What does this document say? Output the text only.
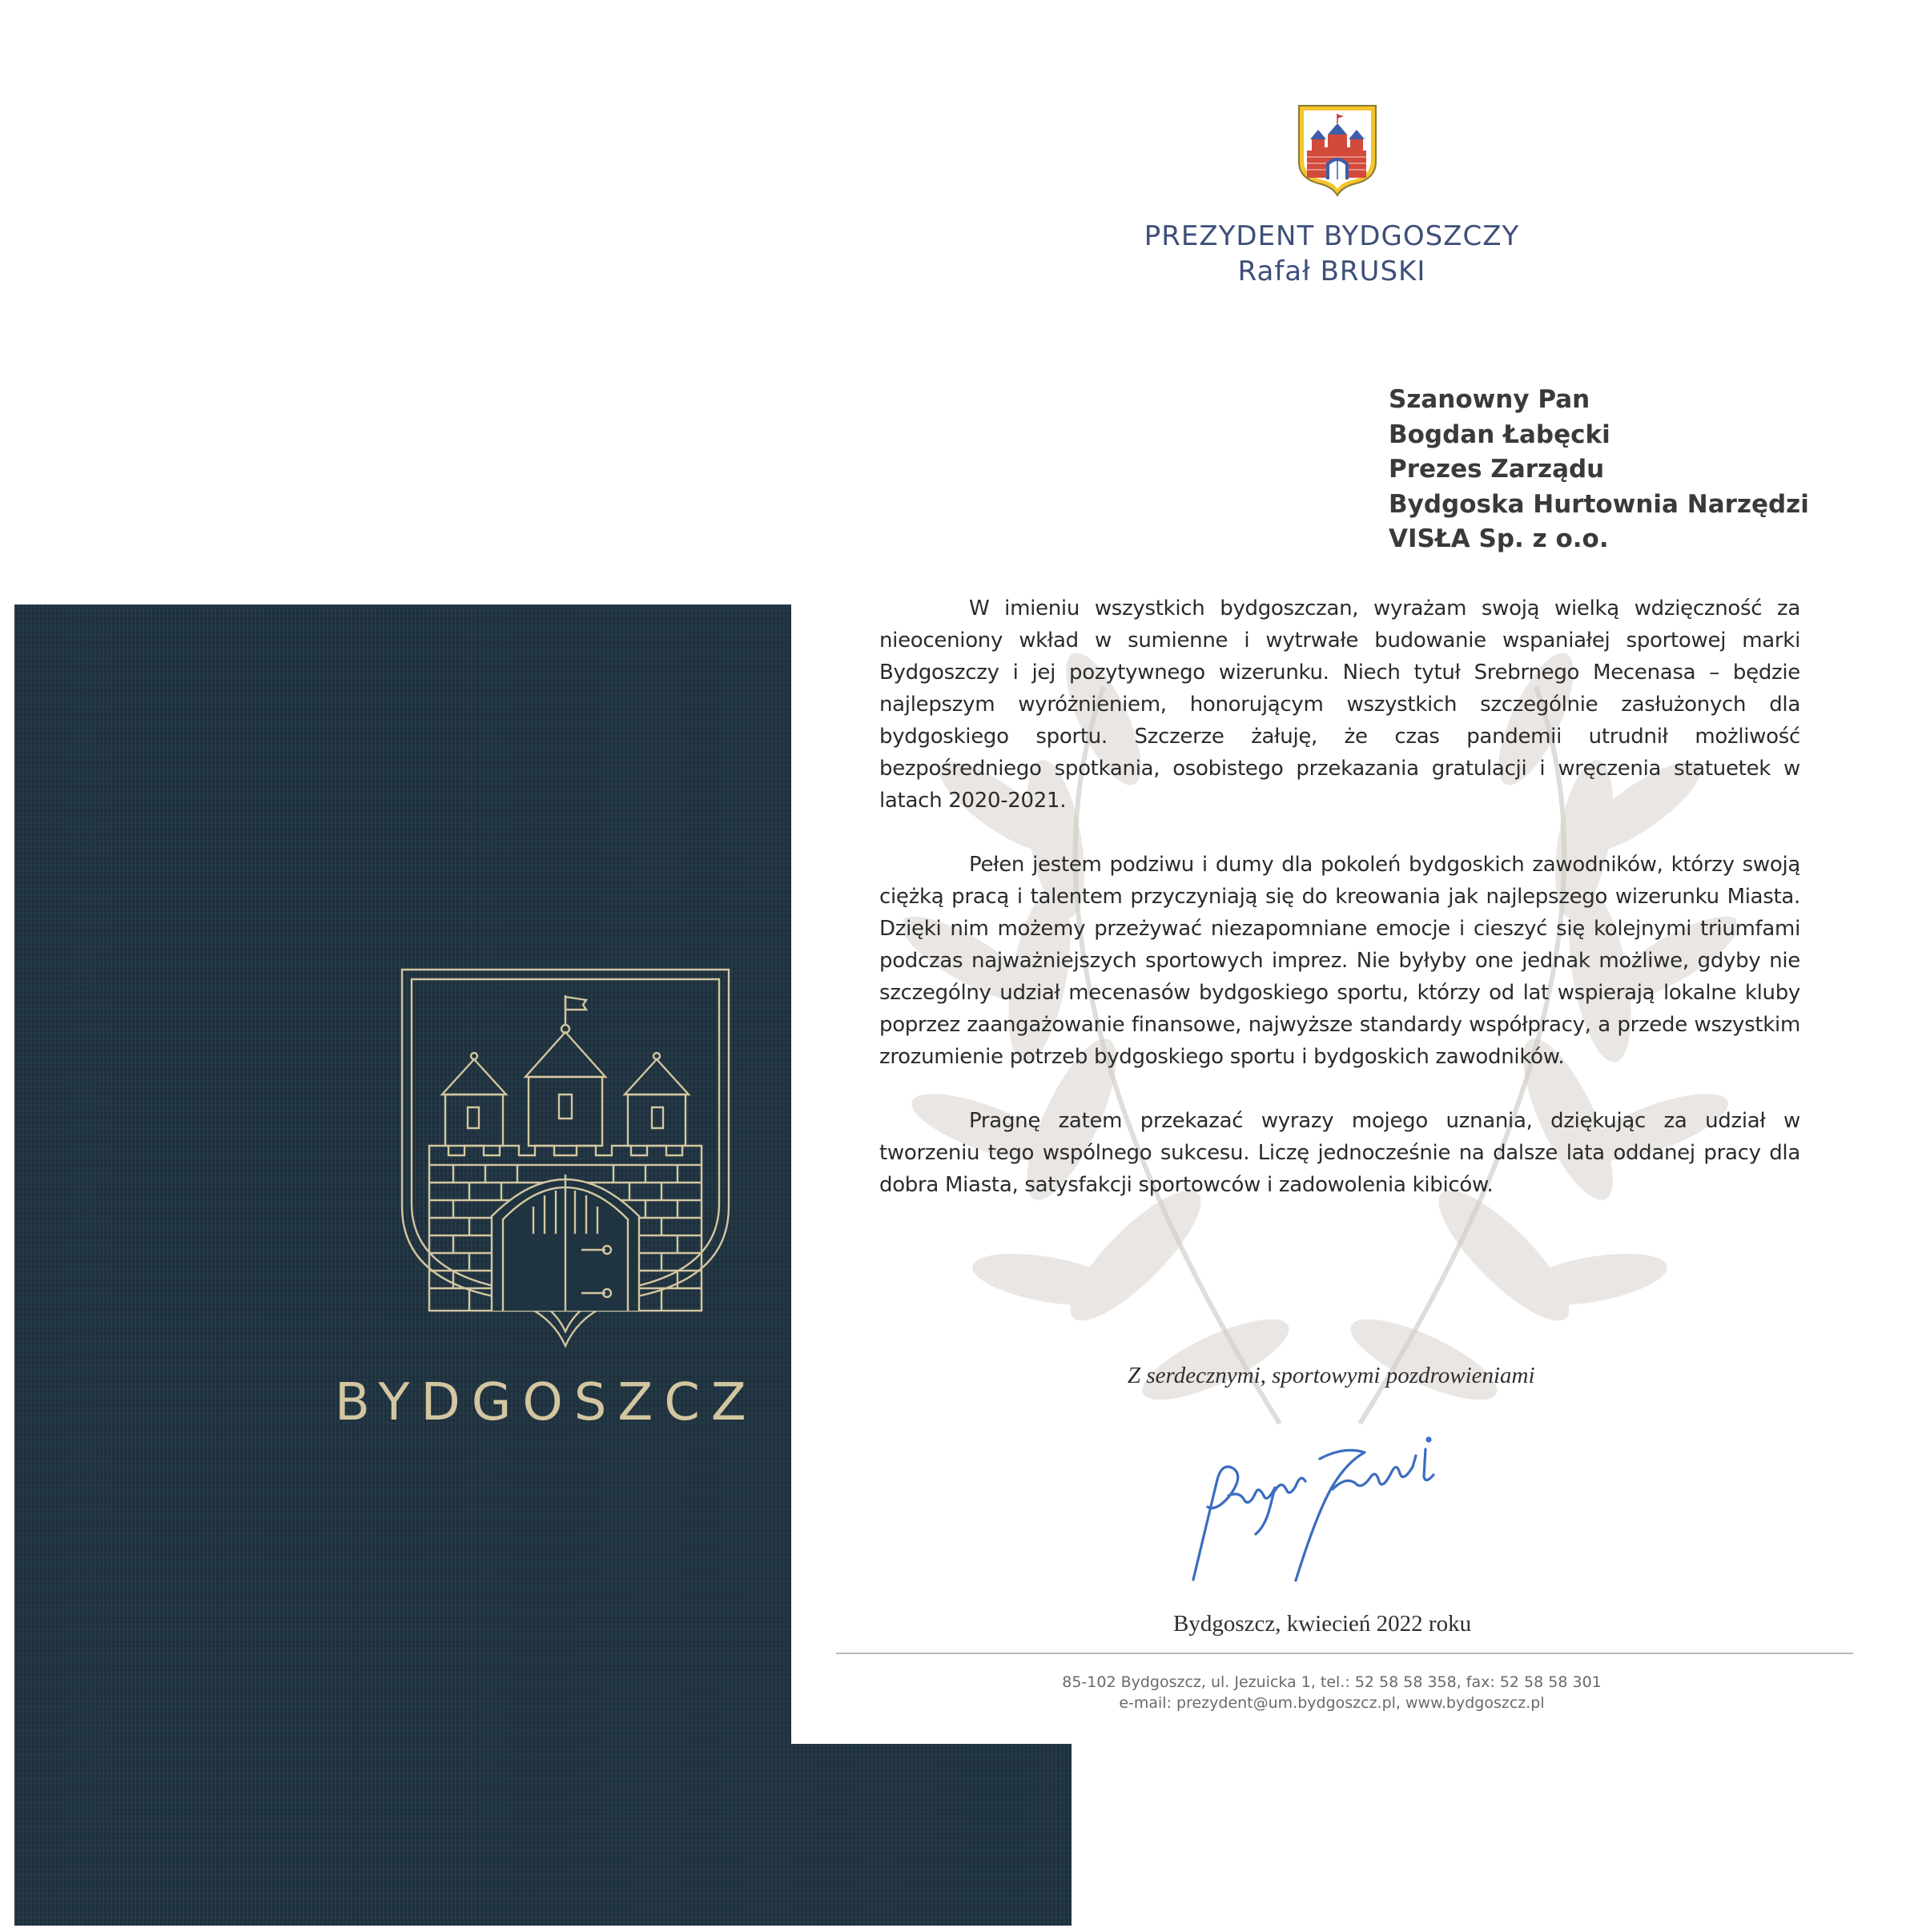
BYDGOSZCZ
PREZYDENT BYDGOSZCZY
Rafał BRUSKI
Szanowny Pan
Bogdan Łabęcki
Prezes Zarządu
Bydgoska Hurtownia Narzędzi
VISŁA Sp. z o.o.

W imieniu wszystkich bydgoszczan, wyrażam swoją wielką wdzięczność za nieoceniony wkład w sumienne i wytrwałe budowanie wspaniałej sportowej marki Bydgoszczy i jej pozytywnego wizerunku. Niech tytuł Srebrnego Mecenasa – będzie najlepszym wyróżnieniem, honorującym wszystkich szczególnie zasłużonych dla bydgoskiego sportu. Szczerze żałuję, że czas pandemii utrudnił możliwość bezpośredniego spotkania, osobistego przekazania gratulacji i wręczenia statuetek w latach 2020-2021.

Pełen jestem podziwu i dumy dla pokoleń bydgoskich zawodników, którzy swoją ciężką pracą i talentem przyczyniają się do kreowania jak najlepszego wizerunku Miasta. Dzięki nim możemy przeżywać niezapomniane emocje i cieszyć się kolejnymi triumfami podczas najważniejszych sportowych imprez. Nie byłyby one jednak możliwe, gdyby nie szczególny udział mecenasów bydgoskiego sportu, którzy od lat wspierają lokalne kluby poprzez zaangażowanie finansowe, najwyższe standardy współpracy, a przede wszystkim zrozumienie potrzeb bydgoskiego sportu i bydgoskich zawodników.

Pragnę zatem przekazać wyrazy mojego uznania, dziękując za udział w tworzeniu tego wspólnego sukcesu. Liczę jednocześnie na dalsze lata oddanej pracy dla dobra Miasta, satysfakcji sportowców i zadowolenia kibiców.

Z serdecznymi, sportowymi pozdrowieniami
Bydgoszcz, kwiecień 2022 roku
85-102 Bydgoszcz, ul. Jezuicka 1, tel.: 52 58 58 358, fax: 52 58 58 301
e-mail: prezydent@um.bydgoszcz.pl, www.bydgoszcz.pl
